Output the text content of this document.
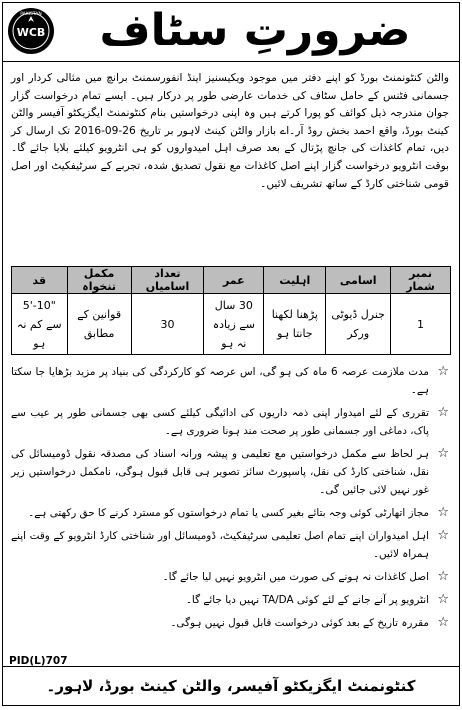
PAKISTAN
WCB	ضرورتِ سٹاف
والٹن کنٹونمنٹ بورڈ کو اپنے دفتر میں موجود ویکیسنیز اینڈ انفورسمنٹ برانچ میں مثالی کردار اور جسمانی فٹنس کے حامل سٹاف کی خدمات عارضی طور پر درکار ہیں۔ ایسے تمام درخواست گزار جوان مندرجہ ذیل کوائف کو پورا کرتے ہیں وہ اپنی درخواستیں بنام کنٹونمنٹ ایگزیکٹو آفیسر والٹن کینٹ بورڈ، واقع احمد بخش روڈ آر۔اے بازار والٹن کینٹ لاہور بر تاریخ 26-09-2016 تک ارسال کر دیں، تمام کاغذات کی جانچ پڑتال کے بعد صرف اہل امیدواروں کو ہی انٹرویو کیلئے بلایا جائے گا۔ بوقت انٹرویو درخواست گزار اپنے اصل کاغذات مع نقول تصدیق شدہ، تجربے کے سرٹیفکیٹ اور اصل قومی شناختی کارڈ کے ساتھ تشریف لائیں۔
نمبر شمار	اسامی	اہلیت	عمر	تعداد اسامیاں	مکمل تنخواہ	قد
1	جنرل ڈیوٹی ورکر	پڑھنا لکھنا جانتا ہو	30 سال سے زیادہ نہ ہو	30	قوانین کے مطابق	"10-'5 سے کم نہ ہو
☆
مدت ملازمت عرصہ 6 ماہ کی ہو گی، اس عرصہ کو کارکردگی کی بنیاد پر مزید بڑھایا جا سکتا ہے۔
☆
تقرری کے لئے امیدوار اپنی ذمہ داریوں کی ادائیگی کیلئے کسی بھی جسمانی طور پر عیب سے پاک، دماغی اور جسمانی طور پر صحت مند ہونا ضروری ہے۔
☆
ہر لحاظ سے مکمل درخواستیں مع تعلیمی و پیشہ ورانہ اسناد کی مصدقہ نقول ڈومیسائل کی نقل، شناختی کارڈ کی نقل، پاسپورٹ سائز تصویر ہی قابل قبول ہوگی، نامکمل درخواستیں زیر غور نہیں لائی جائیں گی۔
☆
مجاز اتھارٹی کوئی وجہ بتائے بغیر کسی یا تمام درخواستوں کو مسترد کرنے کا حق رکھتی ہے۔
☆
اہل امیدواران اپنے تمام اصل تعلیمی سرٹیفکیٹ، ڈومیسائل اور شناختی کارڈ انٹرویو کے وقت اپنے ہمراہ لائیں۔
☆
اصل کاغذات نہ ہونے کی صورت میں انٹرویو نہیں لیا جائے گا۔
☆
انٹرویو پر آنے جانے کے لئے کوئی TA/DA نہیں دیا جائے گا۔
☆
مقررہ تاریخ کے بعد کوئی درخواست قابل قبول نہیں ہوگی۔
PID(L)707
کنٹونمنٹ ایگزیکٹو آفیسر، والٹن کینٹ بورڈ، لاہور۔
